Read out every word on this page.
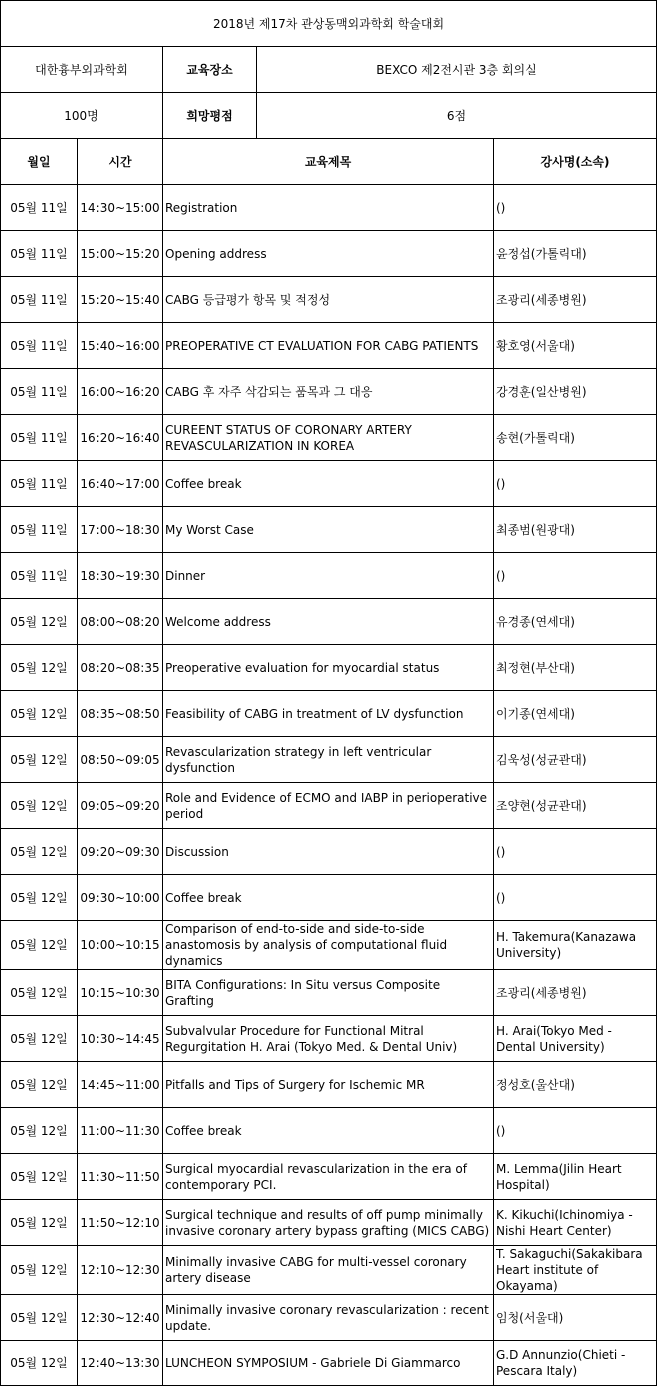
2018년 제17차 관상동맥외과학회 학술대회				
대한흉부외과학회		교육장소	BEXCO 제2전시관 3층 회의실	
100명		희망평점	6점	
월일	시간	교육제목		강사명(소속)
05월 11일	14:30~15:00	Registration		()
05월 11일	15:00~15:20	Opening address		윤정섭(가톨릭대)
05월 11일	15:20~15:40	CABG 등급평가 항목 및 적정성		조광리(세종병원)
05월 11일	15:40~16:00	PREOPERATIVE CT EVALUATION FOR CABG PATIENTS		황호영(서울대)
05월 11일	16:00~16:20	CABG 후 자주 삭감되는 품목과 그 대응		강경훈(일산병원)
05월 11일	16:20~16:40	CUREENT STATUS OF CORONARY ARTERY REVASCULARIZATION IN KOREA		송현(가톨릭대)
05월 11일	16:40~17:00	Coffee break		()
05월 11일	17:00~18:30	My Worst Case		최종범(원광대)
05월 11일	18:30~19:30	Dinner		()
05월 12일	08:00~08:20	Welcome address		유경종(연세대)
05월 12일	08:20~08:35	Preoperative evaluation for myocardial status		최정현(부산대)
05월 12일	08:35~08:50	Feasibility of CABG in treatment of LV dysfunction		이기종(연세대)
05월 12일	08:50~09:05	Revascularization strategy in left ventricular dysfunction		김욱성(성균관대)
05월 12일	09:05~09:20	Role and Evidence of ECMO and IABP in perioperative period		조양현(성균관대)
05월 12일	09:20~09:30	Discussion		()
05월 12일	09:30~10:00	Coffee break		()
05월 12일	10:00~10:15	Comparison of end-to-side and side-to-side anastomosis by analysis of computational fluid dynamics		H. Takemura(Kanazawa University)
05월 12일	10:15~10:30	BITA Configurations: In Situ versus Composite Grafting		조광리(세종병원)
05월 12일	10:30~14:45	Subvalvular Procedure for Functional Mitral Regurgitation H. Arai (Tokyo Med. & Dental Univ)		H. Arai(Tokyo Med - Dental University)
05월 12일	14:45~11:00	Pitfalls and Tips of Surgery for Ischemic MR		정성호(울산대)
05월 12일	11:00~11:30	Coffee break		()
05월 12일	11:30~11:50	Surgical myocardial revascularization in the era of contemporary PCI.		M. Lemma(Jilin Heart Hospital)
05월 12일	11:50~12:10	Surgical technique and results of off pump minimally invasive coronary artery bypass grafting (MICS CABG)		K. Kikuchi(Ichinomiya - Nishi Heart Center)
05월 12일	12:10~12:30	Minimally invasive CABG for multi-vessel coronary artery disease		T. Sakaguchi(Sakakibara Heart institute of Okayama)
05월 12일	12:30~12:40	Minimally invasive coronary revascularization : recent update.		임청(서울대)
05월 12일	12:40~13:30	LUNCHEON SYMPOSIUM - Gabriele Di Giammarco		G.D Annunzio(Chieti - Pescara Italy)
